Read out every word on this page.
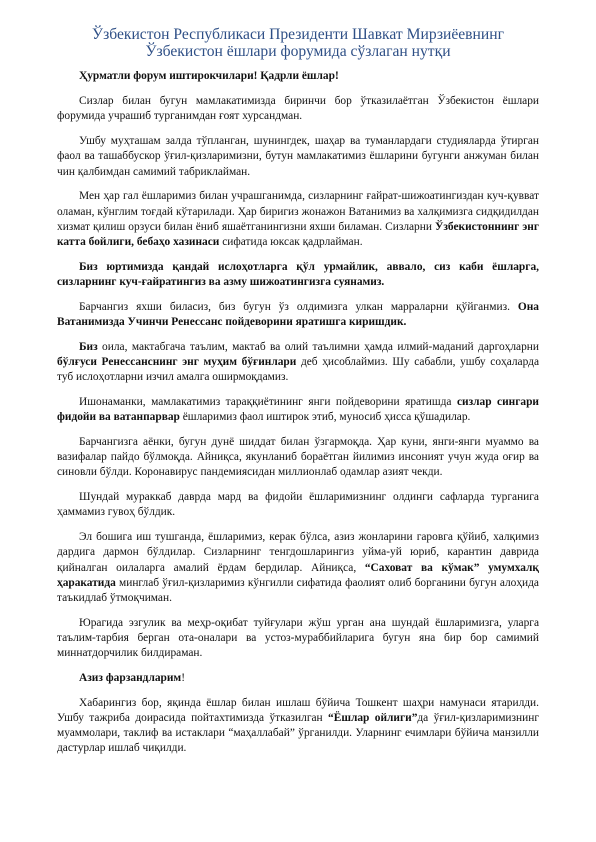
Ўзбекистон Республикаси Президенти Шавкат Мирзиёевнинг
Ўзбекистон ёшлари форумида сўзлаган нутқи

Ҳурматли форум иштирокчилари! Қадрли ёшлар!

Сизлар билан бугун мамлакатимизда биринчи бор ўтказилаётган Ўзбекистон ёшлари форумида учрашиб турганимдан ғоят хурсандман.

Ушбу муҳташам залда тўпланган, шунингдек, шаҳар ва туманлардаги студияларда ўтирган фаол ва ташаббускор ўғил-қизларимизни, бутун мамлакатимиз ёшларини бугунги анжуман билан чин қалбимдан самимий табриклайман.

Мен ҳар гал ёшларимиз билан учрашганимда, сизларнинг ғайрат-шижоатингиздан куч-қувват оламан, кўнглим тоғдай кўтарилади. Ҳар биригиз жонажон Ватанимиз ва халқимизга сидқидилдан хизмат қилиш орзуси билан ёниб яшаётганингизни яхши биламан. Сизларни Ўзбекистоннинг энг катта бойлиги, бебаҳо хазинаси сифатида юксак қадрлайман.

Биз юртимизда қандай ислоҳотларга қўл урмайлик, аввало, сиз каби ёшларга, сизларнинг куч-ғайратингиз ва азму шижоатингизга суянамиз.

Барчангиз яхши биласиз, биз бугун ўз олдимизга улкан марраларни қўйганмиз. Она Ватанимизда Учинчи Ренессанс пойдеворини яратишга киришдик.

Биз оила, мактабгача таълим, мактаб ва олий таълимни ҳамда илмий-маданий даргоҳларни бўлғуси Ренессанснинг энг муҳим бўғинлари деб ҳисоблаймиз. Шу сабабли, ушбу соҳаларда туб ислоҳотларни изчил амалга оширмоқдамиз.

Ишонаманки, мамлакатимиз тараққиётининг янги пойдеворини яратишда сизлар сингари фидойи ва ватанпарвар ёшларимиз фаол иштирок этиб, муносиб ҳисса қўшадилар.

Барчангизга аёнки, бугун дунё шиддат билан ўзгармоқда. Ҳар куни, янги-янги муаммо ва вазифалар пайдо бўлмоқда. Айниқса, якунланиб бораётган йилимиз инсоният учун жуда оғир ва синовли бўлди. Коронавирус пандемиясидан миллионлаб одамлар азият чекди.

Шундай мураккаб даврда мард ва фидойи ёшларимизнинг олдинги сафларда турганига ҳаммамиз гувоҳ бўлдик.

Эл бошига иш тушганда, ёшларимиз, керак бўлса, азиз жонларини гаровга қўйиб, халқимиз дардига дармон бўлдилар. Сизларнинг тенгдошларингиз уйма-уй юриб, карантин даврида қийналган оилаларга амалий ёрдам бердилар. Айниқса, “Саховат ва кўмак” умумхалқ ҳаракатида минглаб ўғил-қизларимиз кўнгилли сифатида фаолият олиб борганини бугун алоҳида таъкидлаб ўтмоқчиман.

Юрагида эзгулик ва меҳр-оқибат туйғулари жўш урган ана шундай ёшларимизга, уларга таълим-тарбия берган ота-оналари ва устоз-мураббийларига бугун яна бир бор самимий миннатдорчилик билдираман.

Азиз фарзандларим!

Хабарингиз бор, яқинда ёшлар билан ишлаш бўйича Тошкент шаҳри намунаси ятарилди. Ушбу тажриба доирасида пойтахтимизда ўтказилган “Ёшлар ойлиги”да ўғил-қизларимизнинг муаммолари, таклиф ва истаклари “маҳаллабай” ўрганилди. Уларнинг ечимлари бўйича манзилли дастурлар ишлаб чиқилди.
